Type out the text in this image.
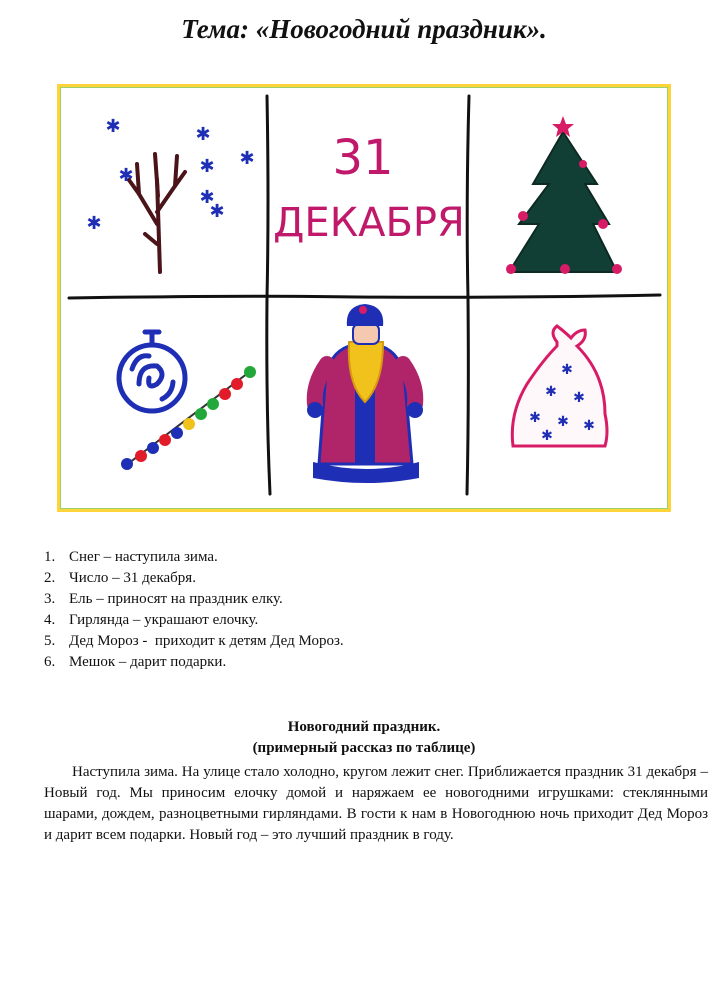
Тема: «Новогодний праздник».
✱	✱
✱ ✱
✱
✱
✱
✱
31
ДЕКАБРЯ
✱
✱ ✱
✱ ✱ ✱
✱
1. Снег – наступила зима.
2. Число – 31 декабря.
3. Ель – приносят на праздник елку.
4. Гирлянда – украшают елочку.
5. Дед Мороз -  приходит к детям Дед Мороз.
6. Мешок – дарит подарки.
Новогодний праздник.
(примерный рассказ по таблице)

Наступила зима. На улице стало холодно, кругом лежит снег. Приближается праздник 31 декабря – Новый год. Мы приносим елочку домой и наряжаем ее новогодними игрушками: стеклянными шарами, дождем, разноцветными гирляндами. В гости к нам в Новогоднюю ночь приходит Дед Мороз и дарит всем подарки. Новый год – это лучший праздник в году.
